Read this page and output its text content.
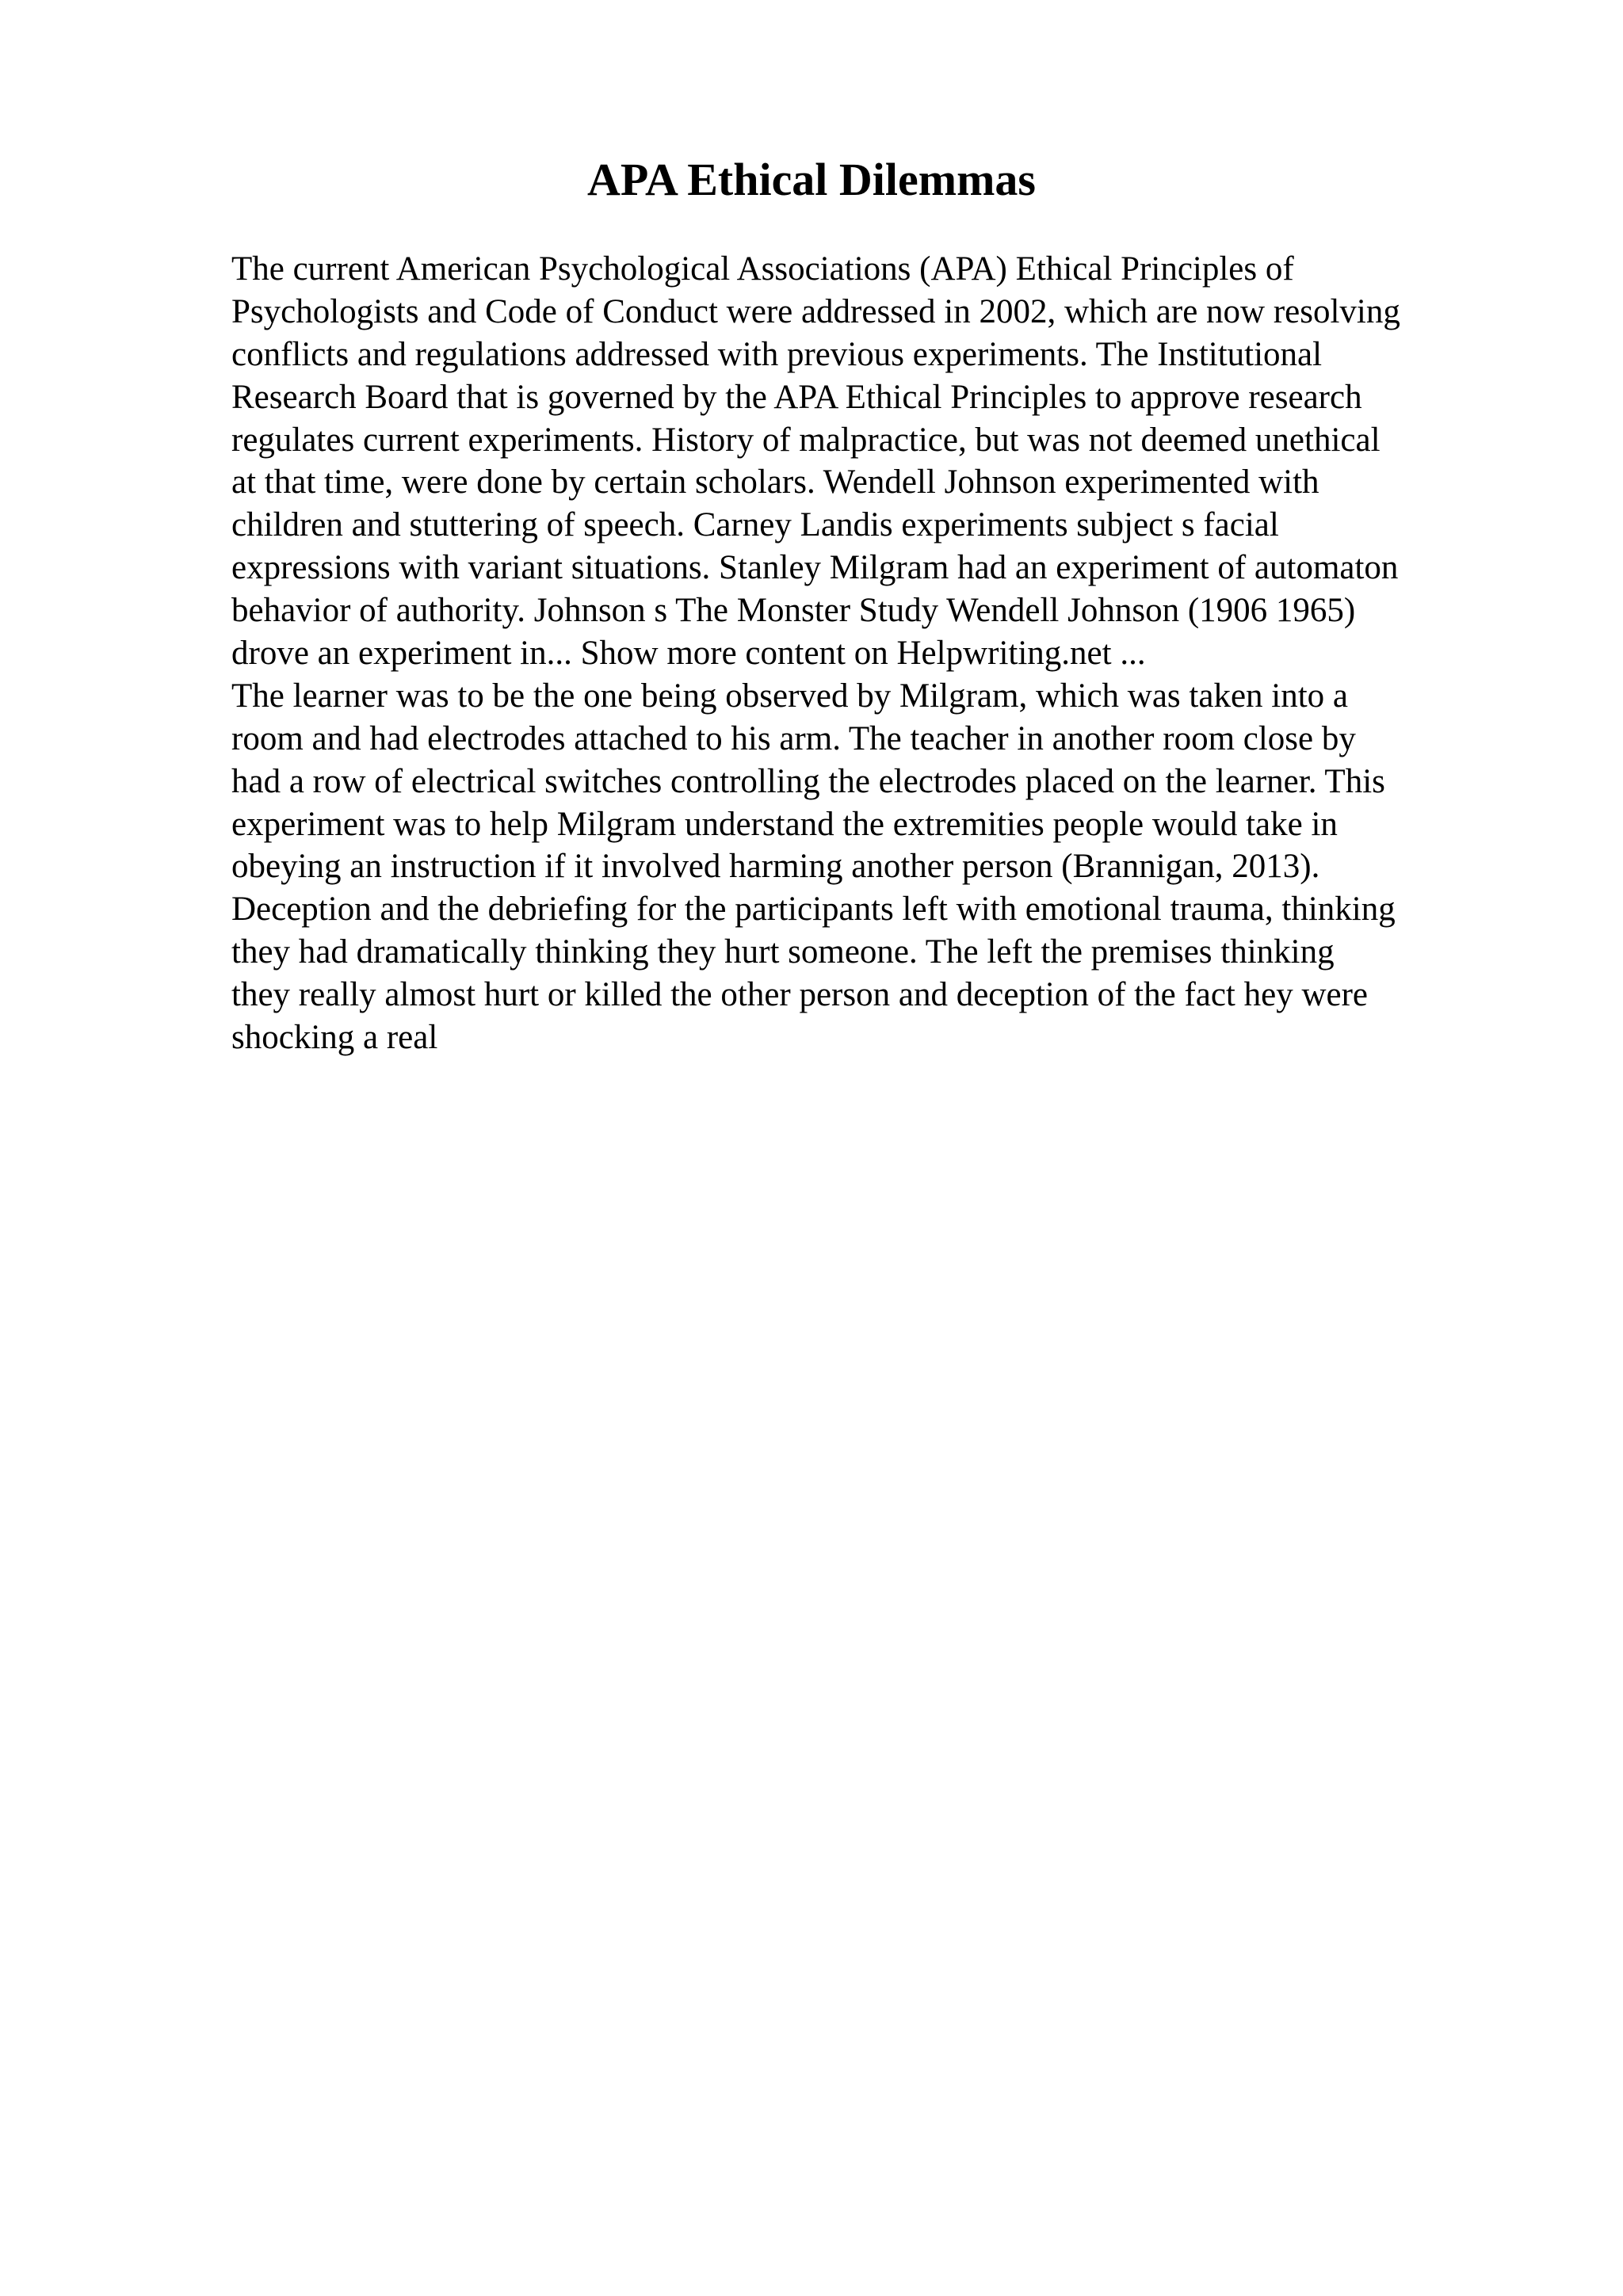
APA Ethical Dilemmas
The current American Psychological Associations (APA) Ethical Principles of
Psychologists and Code of Conduct were addressed in 2002, which are now resolving
conflicts and regulations addressed with previous experiments. The Institutional
Research Board that is governed by the APA Ethical Principles to approve research
regulates current experiments. History of malpractice, but was not deemed unethical
at that time, were done by certain scholars. Wendell Johnson experimented with
children and stuttering of speech. Carney Landis experiments subject s facial
expressions with variant situations. Stanley Milgram had an experiment of automaton
behavior of authority. Johnson s The Monster Study Wendell Johnson (1906 1965)
drove an experiment in... Show more content on Helpwriting.net ...
The learner was to be the one being observed by Milgram, which was taken into a
room and had electrodes attached to his arm. The teacher in another room close by
had a row of electrical switches controlling the electrodes placed on the learner. This
experiment was to help Milgram understand the extremities people would take in
obeying an instruction if it involved harming another person (Brannigan, 2013).
Deception and the debriefing for the participants left with emotional trauma, thinking
they had dramatically thinking they hurt someone. The left the premises thinking
they really almost hurt or killed the other person and deception of the fact hey were
shocking a real
